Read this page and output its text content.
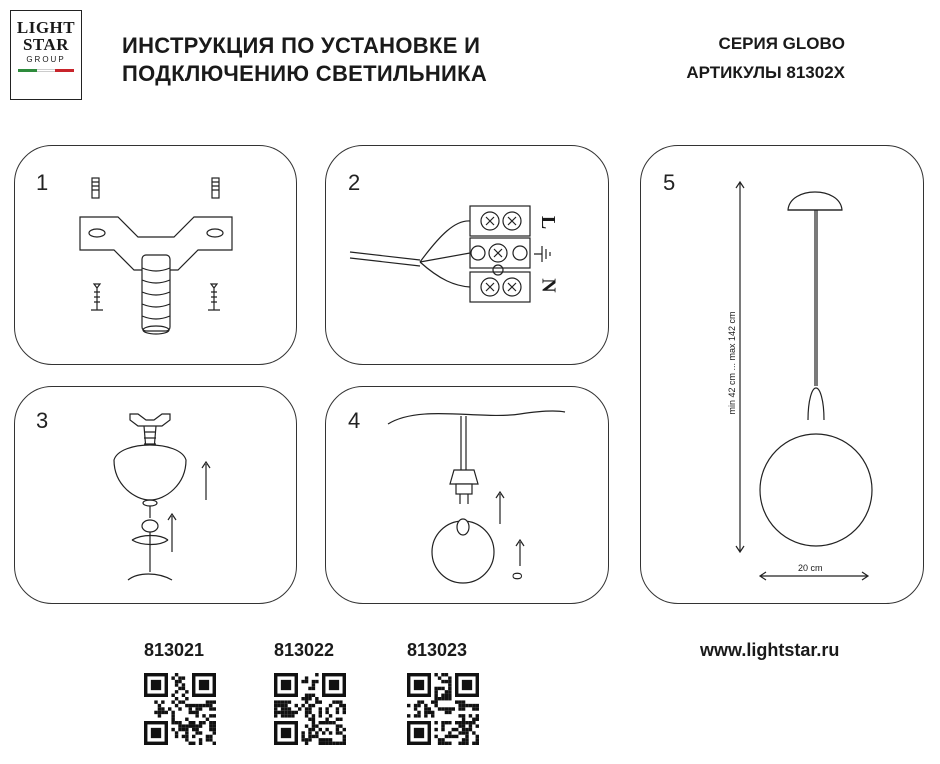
LIGHT
STAR
GROUP
ИНСТРУКЦИЯ ПО УСТАНОВКЕ И
ПОДКЛЮЧЕНИЮ СВЕТИЛЬНИКА
СЕРИЯ GLOBO
АРТИКУЛЫ 81302X
1	2
3	4
5
L
N
0
min 42 cm ... max 142 cm
20 cm
813021	813022	813023	www.lightstar.ru
